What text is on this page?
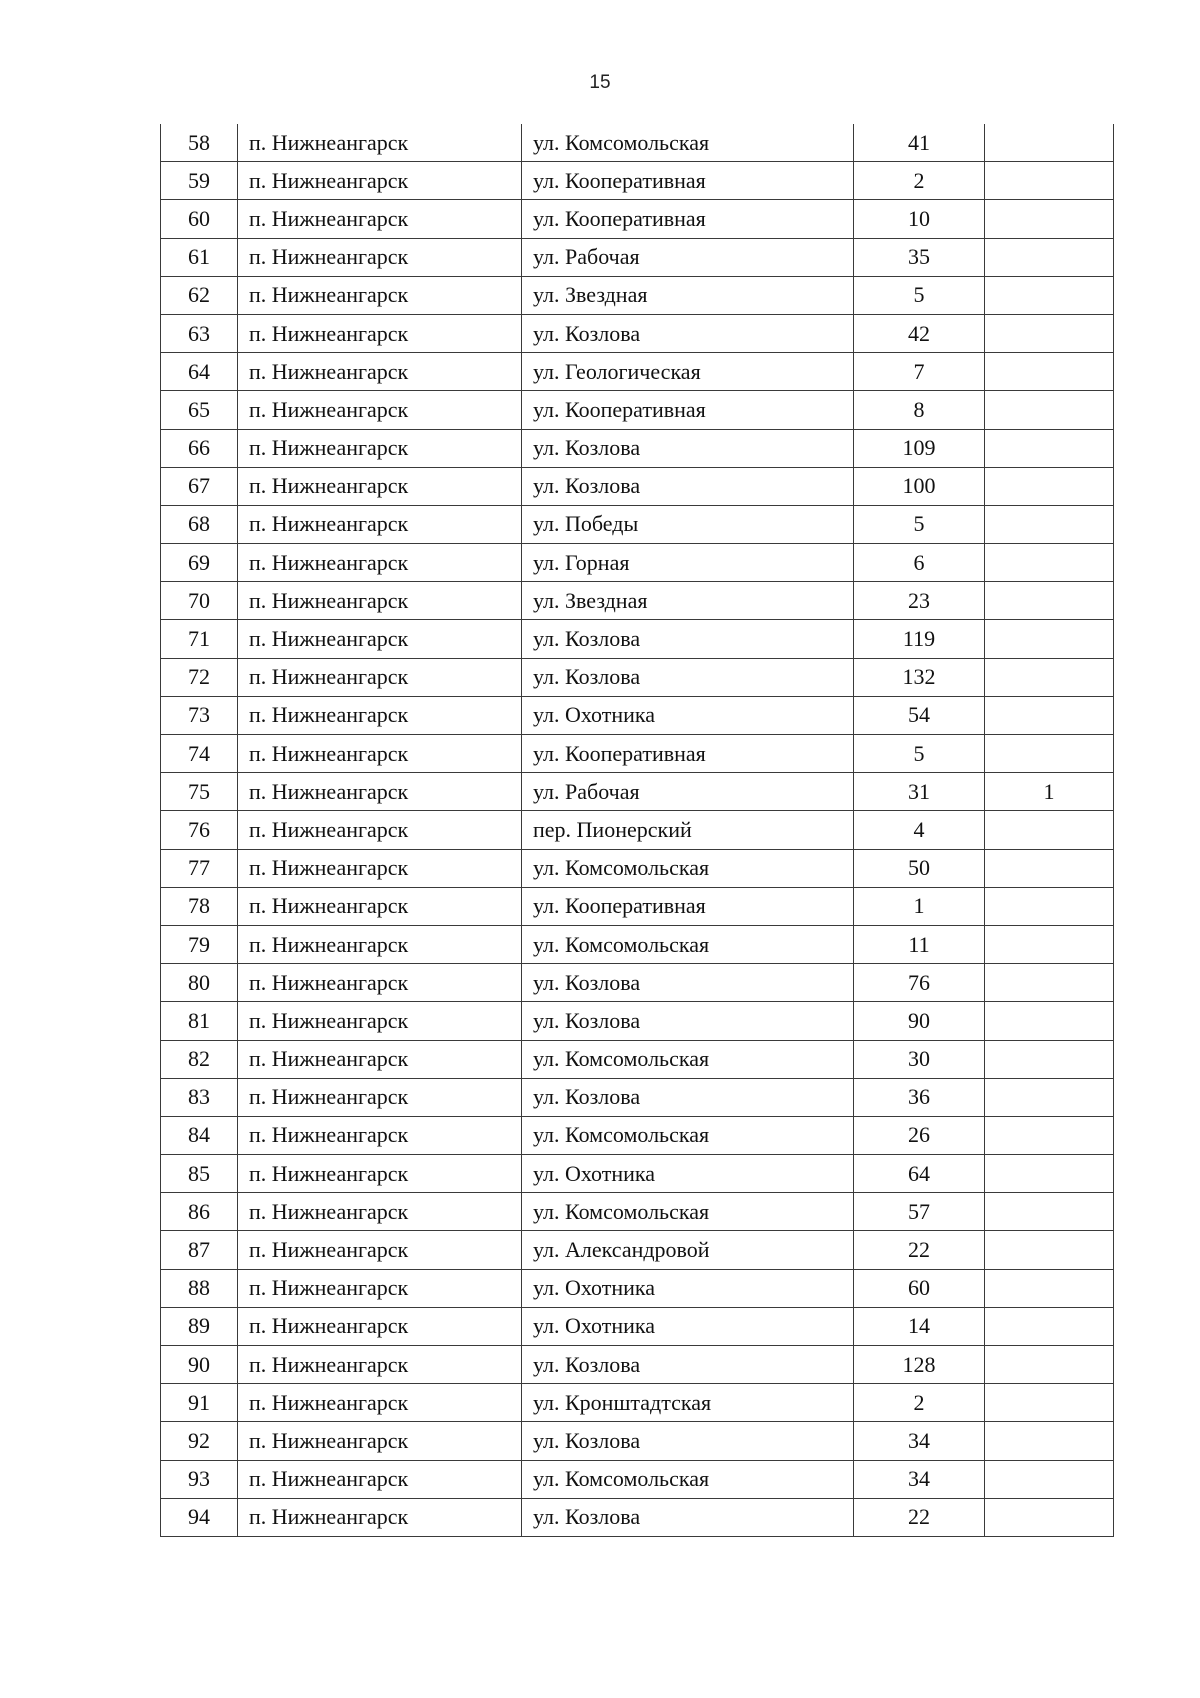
15
58	п. Нижнеангарск	ул. Комсомольская	41	
59	п. Нижнеангарск	ул. Кооперативная	2	
60	п. Нижнеангарск	ул. Кооперативная	10	
61	п. Нижнеангарск	ул. Рабочая	35	
62	п. Нижнеангарск	ул. Звездная	5	
63	п. Нижнеангарск	ул. Козлова	42	
64	п. Нижнеангарск	ул. Геологическая	7	
65	п. Нижнеангарск	ул. Кооперативная	8	
66	п. Нижнеангарск	ул. Козлова	109	
67	п. Нижнеангарск	ул. Козлова	100	
68	п. Нижнеангарск	ул. Победы	5	
69	п. Нижнеангарск	ул. Горная	6	
70	п. Нижнеангарск	ул. Звездная	23	
71	п. Нижнеангарск	ул. Козлова	119	
72	п. Нижнеангарск	ул. Козлова	132	
73	п. Нижнеангарск	ул. Охотника	54	
74	п. Нижнеангарск	ул. Кооперативная	5	
75	п. Нижнеангарск	ул. Рабочая	31	1
76	п. Нижнеангарск	пер. Пионерский	4	
77	п. Нижнеангарск	ул. Комсомольская	50	
78	п. Нижнеангарск	ул. Кооперативная	1	
79	п. Нижнеангарск	ул. Комсомольская	11	
80	п. Нижнеангарск	ул. Козлова	76	
81	п. Нижнеангарск	ул. Козлова	90	
82	п. Нижнеангарск	ул. Комсомольская	30	
83	п. Нижнеангарск	ул. Козлова	36	
84	п. Нижнеангарск	ул. Комсомольская	26	
85	п. Нижнеангарск	ул. Охотника	64	
86	п. Нижнеангарск	ул. Комсомольская	57	
87	п. Нижнеангарск	ул. Александровой	22	
88	п. Нижнеангарск	ул. Охотника	60	
89	п. Нижнеангарск	ул. Охотника	14	
90	п. Нижнеангарск	ул. Козлова	128	
91	п. Нижнеангарск	ул. Кронштадтская	2	
92	п. Нижнеангарск	ул. Козлова	34	
93	п. Нижнеангарск	ул. Комсомольская	34	
94	п. Нижнеангарск	ул. Козлова	22	
